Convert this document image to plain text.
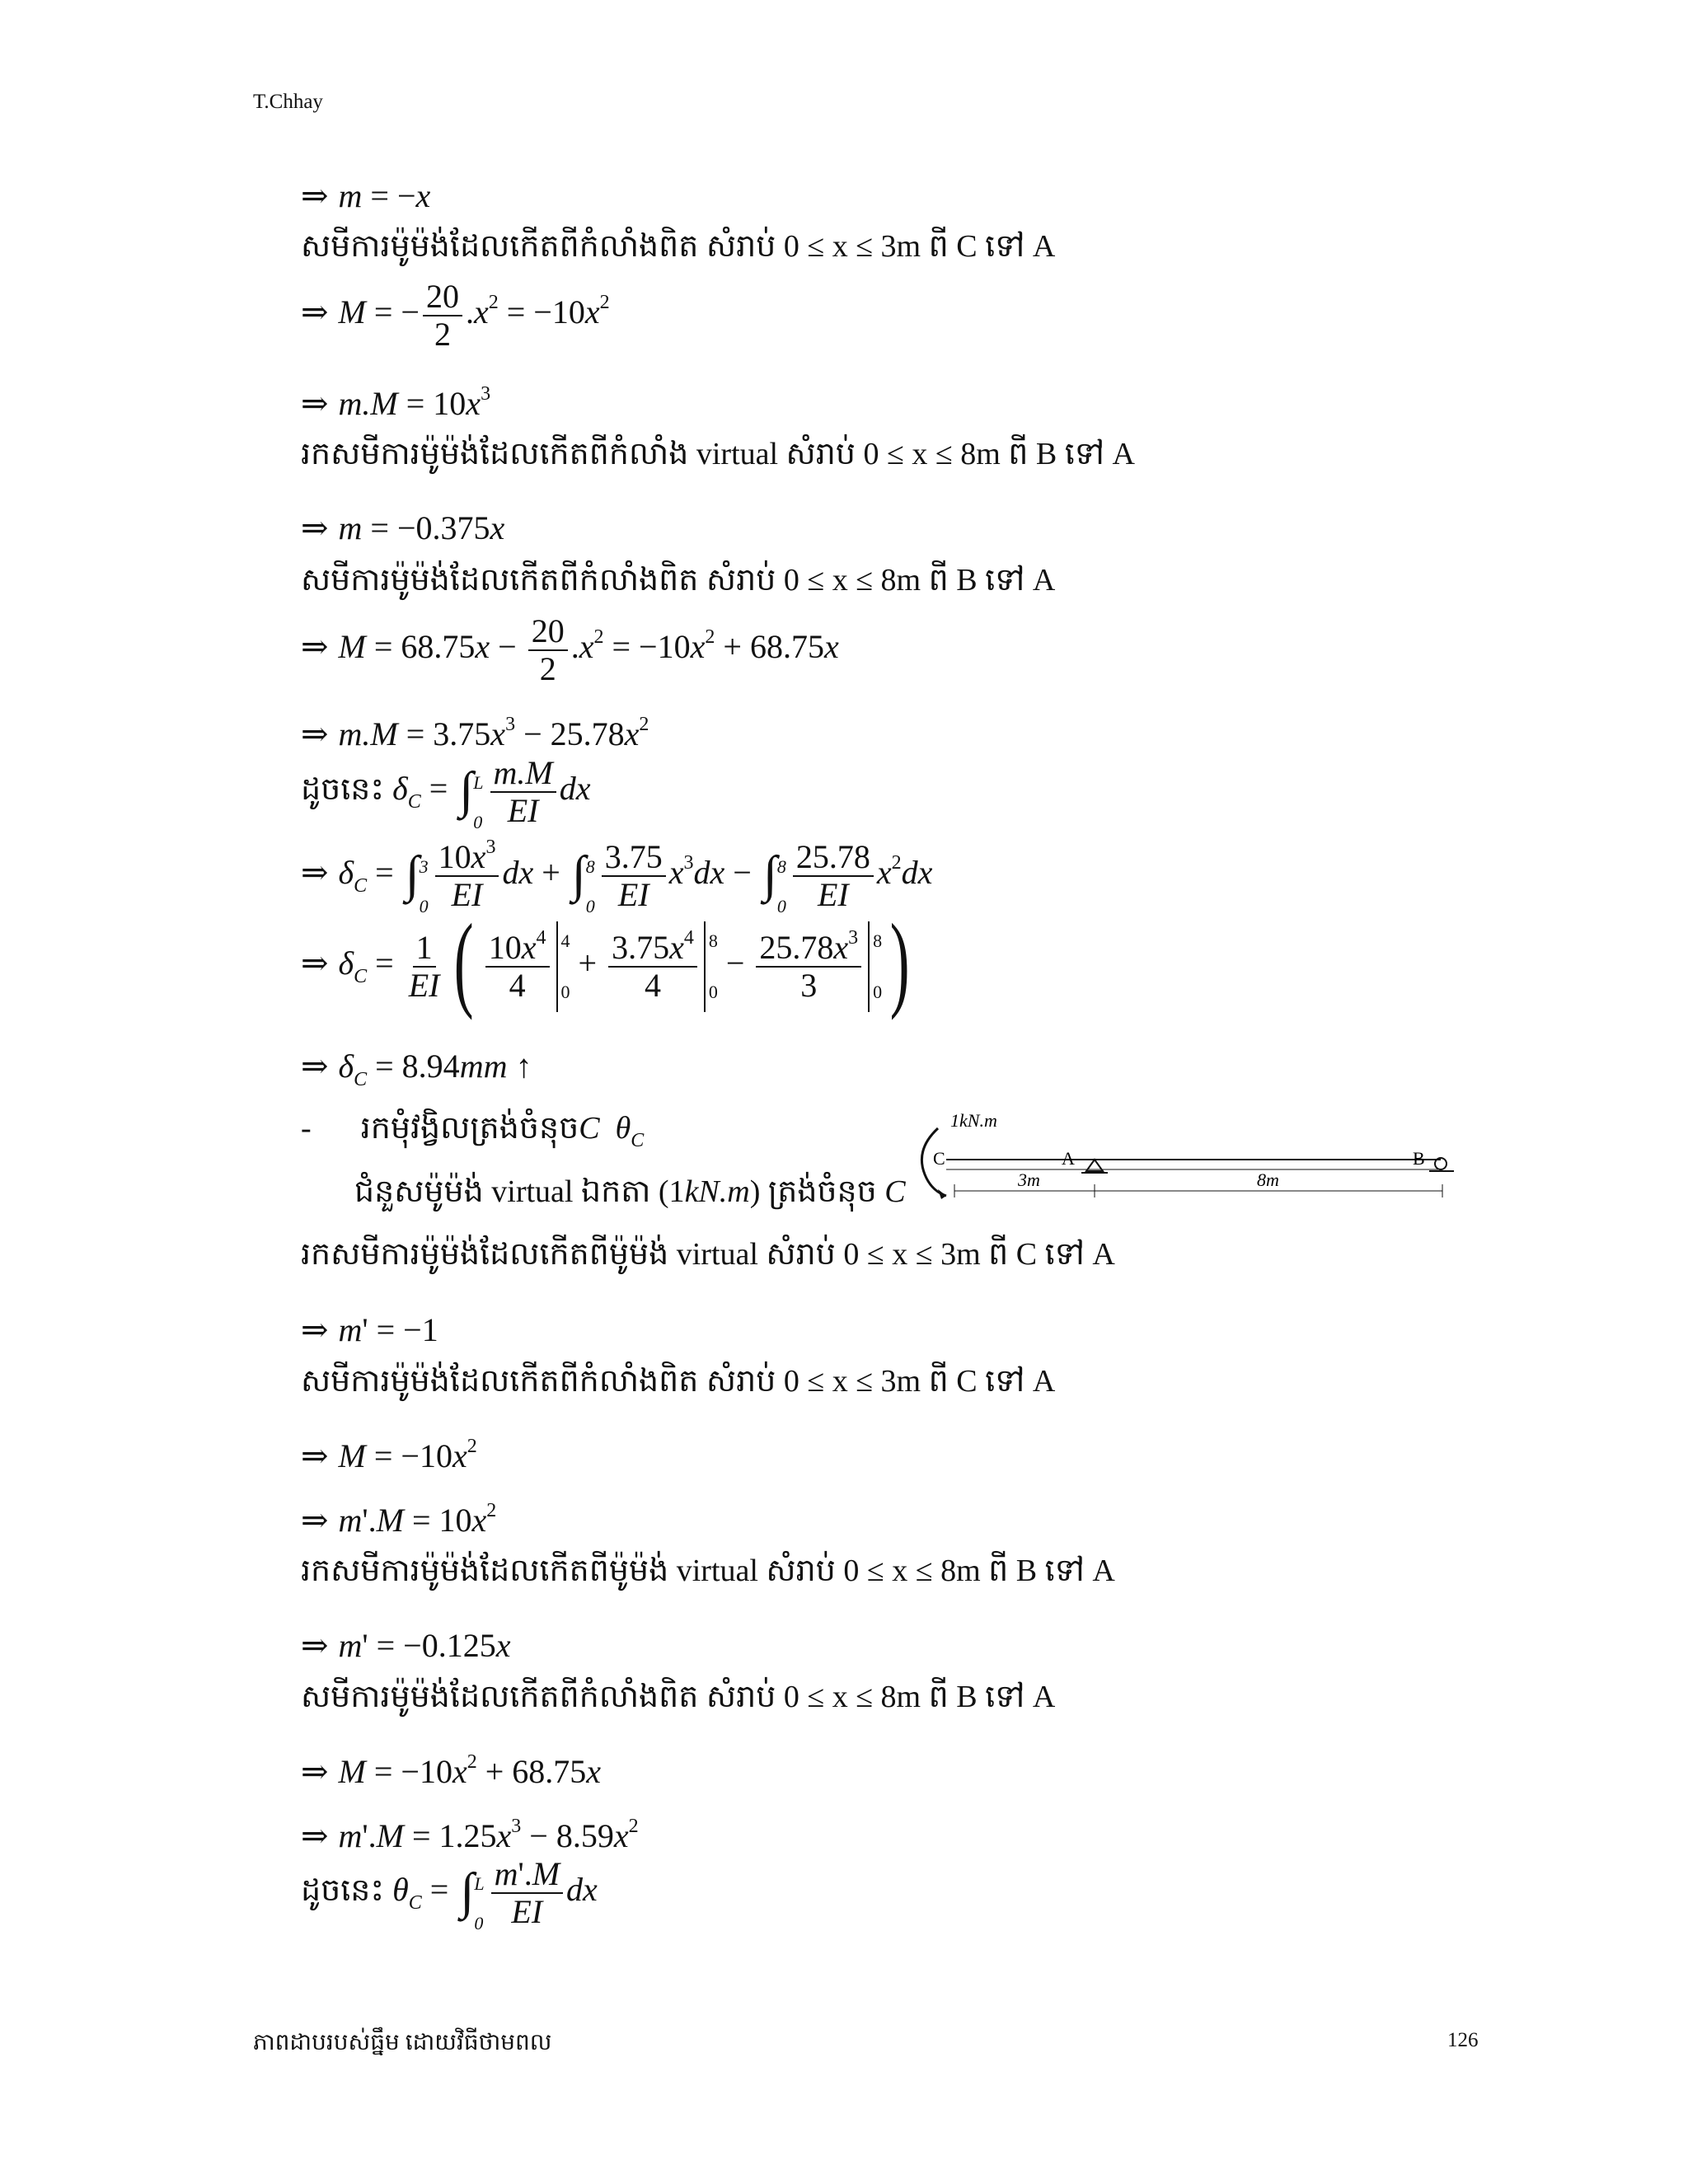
T.Chhay
ភាពដាបរបស់ធ្នឹម ដោយវិធីថាមពល	126
⇒ m = −x
សមីការម៉ូម៉ង់ដែលកើតពីកំលាំងពិត សំរាប់ 0 ≤ x ≤ 3m ពី C ទៅ A
⇒ M = − $\frac{20}{2} .x^2 = -10x^2$
⇒ $m.M = 10x^3$
រកសមីការម៉ូម៉ង់ដែលកើតពីកំលាំង virtual សំរាប់ 0 ≤ x ≤ 8m ពី B ទៅ A
⇒ m = −0.375x
សមីការម៉ូម៉ង់ដែលកើតពីកំលាំងពិត សំរាប់ 0 ≤ x ≤ 8m ពី B ទៅ A
⇒ $M = 68.75x - \frac{20}{2} .x^2 = -10x^2 + 68.75x$
⇒ $m.M = 3.75x^3 - 25.78x^2$
ដូចនេះ $\delta_C$ = ∫ L
$0 \frac{m.M}{EI}$ dx
⇒ $\delta_C$ = ∫ 3
$0 \frac{10x^3}{EI}$ dx + ∫ 8
$0 \frac{3.75}{EI} x^3dx$ − ∫ 8
$0 \frac{25.78}{EI} x^2dx$
⇒ $\delta_C = \frac{1}{EI}$ ( $\frac{10x^4}{4} 4$
0
+ $\frac{3.75x^4}{4} 8$
0
− $\frac{25.78x^3}{3} 8$
0 )
⇒ $\delta_C = 8.94mm$ ↑
- រកមុំវង្វិលត្រង់ចំនុចC $\theta_C$
ជំនួសម៉ូម៉ង់ virtual ឯកតា (1kN.m) ត្រង់ចំនុច C
1kN.m
C	A	B
3m	8m
រកសមីការម៉ូម៉ង់ដែលកើតពីម៉ូម៉ង់ virtual សំរាប់ 0 ≤ x ≤ 3m ពី C ទៅ A
⇒ m' = −1
សមីការម៉ូម៉ង់ដែលកើតពីកំលាំងពិត សំរាប់ 0 ≤ x ≤ 3m ពី C ទៅ A
⇒ $M = -10x^2$
⇒ $m'.M = 10x^2$
រកសមីការម៉ូម៉ង់ដែលកើតពីម៉ូម៉ង់ virtual សំរាប់ 0 ≤ x ≤ 8m ពី B ទៅ A
⇒ m' = −0.125x
សមីការម៉ូម៉ង់ដែលកើតពីកំលាំងពិត សំរាប់ 0 ≤ x ≤ 8m ពី B ទៅ A
⇒ $M = -10x^2 + 68.75x$
⇒ $m'.M = 1.25x^3 - 8.59x^2$
ដូចនេះ $\theta_C$ = ∫ L
$0 \frac{m'.M}{EI}$ dx
